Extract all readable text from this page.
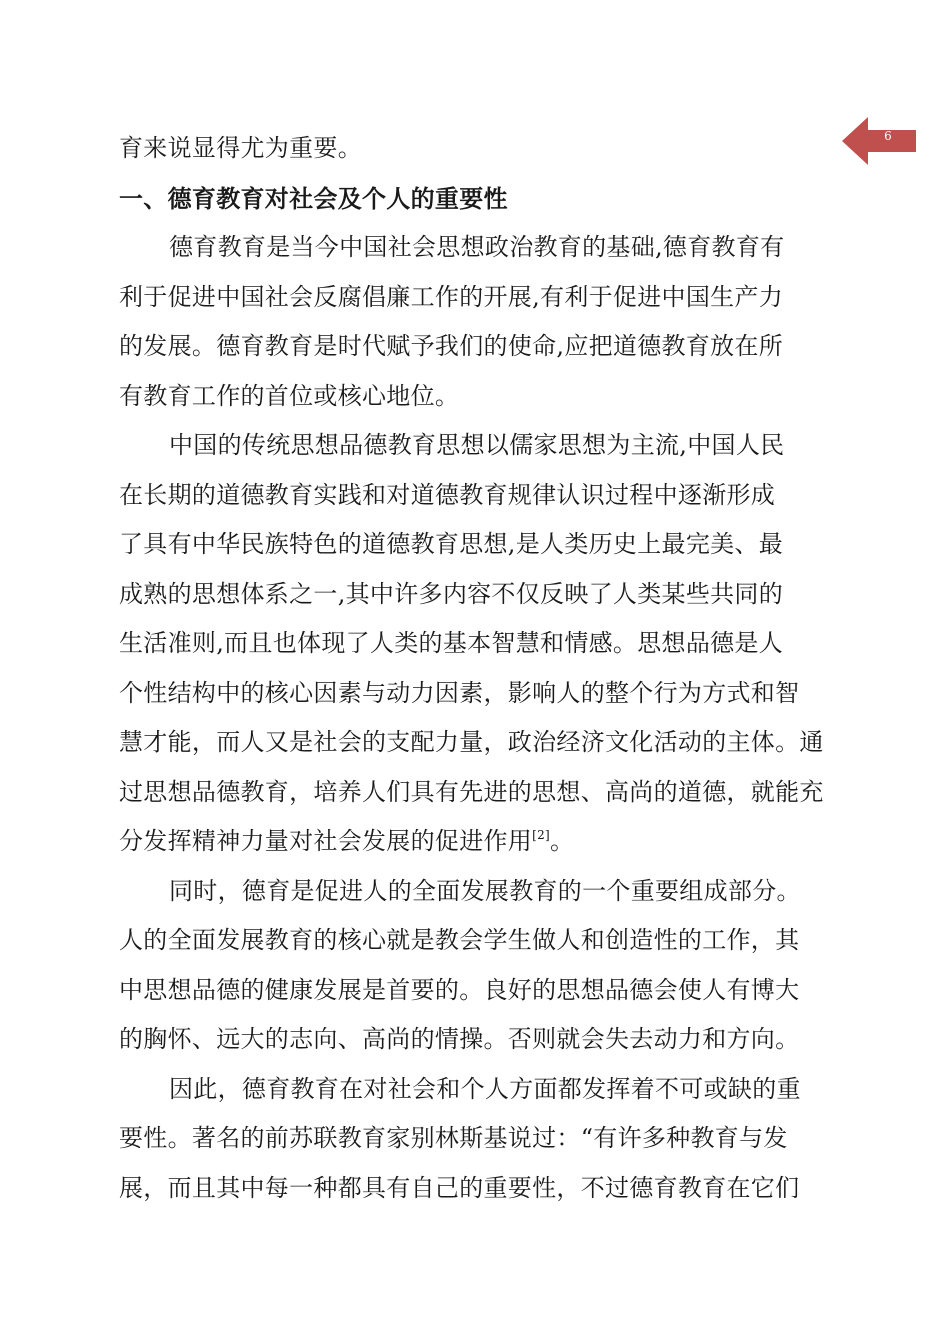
6
育来说显得尤为重要。
一、德育教育对社会及个人的重要性
德育教育是当今中国社会思想政治教育的基础,德育教育有
利于促进中国社会反腐倡廉工作的开展,有利于促进中国生产力
的发展。德育教育是时代赋予我们的使命,应把道德教育放在所
有教育工作的首位或核心地位。
中国的传统思想品德教育思想以儒家思想为主流,中国人民
在长期的道德教育实践和对道德教育规律认识过程中逐渐形成
了具有中华民族特色的道德教育思想,是人类历史上最完美、最
成熟的思想体系之一,其中许多内容不仅反映了人类某些共同的
生活准则,而且也体现了人类的基本智慧和情感。思想品德是人
个性结构中的核心因素与动力因素，影响人的整个行为方式和智
慧才能，而人又是社会的支配力量，政治经济文化活动的主体。通
过思想品德教育，培养人们具有先进的思想、高尚的道德，就能充
分发挥精神力量对社会发展的促进作用[2]。
同时，德育是促进人的全面发展教育的一个重要组成部分。
人的全面发展教育的核心就是教会学生做人和创造性的工作，其
中思想品德的健康发展是首要的。良好的思想品德会使人有博大
的胸怀、远大的志向、高尚的情操。否则就会失去动力和方向。
因此，德育教育在对社会和个人方面都发挥着不可或缺的重
要性。著名的前苏联教育家别林斯基说过：“有许多种教育与发
展，而且其中每一种都具有自己的重要性，不过德育教育在它们
